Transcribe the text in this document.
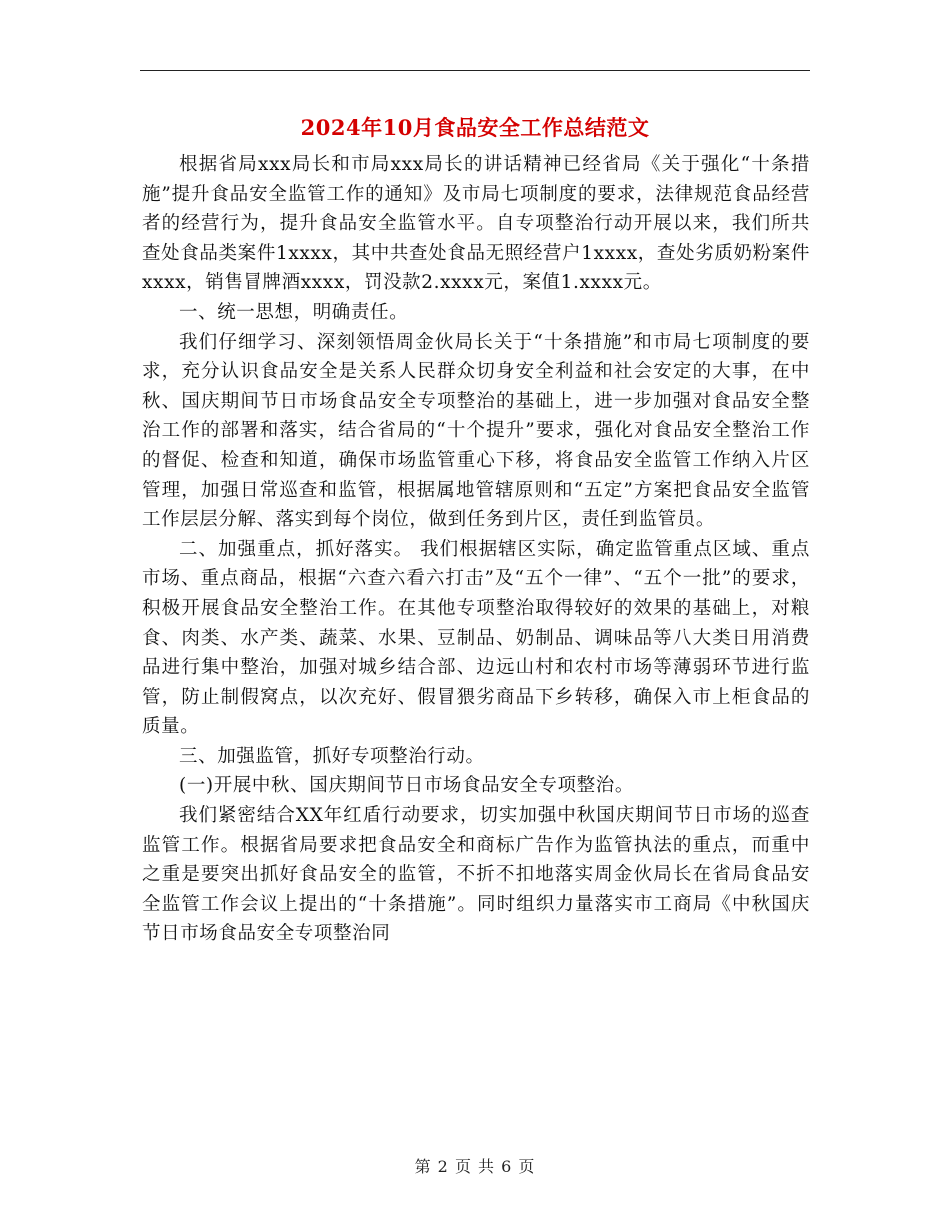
2024年10月食品安全工作总结范文

根据省局xxx局长和市局xxx局长的讲话精神已经省局《关于强化“十条措施”提升食品安全监管工作的通知》及市局七项制度的要求，法律规范食品经营者的经营行为，提升食品安全监管水平。自专项整治行动开展以来，我们所共查处食品类案件1xxxx，其中共查处食品无照经营户1xxxx，查处劣质奶粉案件xxxx，销售冒牌酒xxxx，罚没款2.xxxx元，案值1.xxxx元。

一、统一思想，明确责任。

我们仔细学习、深刻领悟周金伙局长关于“十条措施”和市局七项制度的要求，充分认识食品安全是关系人民群众切身安全利益和社会安定的大事，在中秋、国庆期间节日市场食品安全专项整治的基础上，进一步加强对食品安全整治工作的部署和落实，结合省局的“十个提升”要求，强化对食品安全整治工作的督促、检查和知道，确保市场监管重心下移，将食品安全监管工作纳入片区管理，加强日常巡查和监管，根据属地管辖原则和“五定”方案把食品安全监管工作层层分解、落实到每个岗位，做到任务到片区，责任到监管员。

二、加强重点，抓好落实。 我们根据辖区实际，确定监管重点区域、重点市场、重点商品，根据“六查六看六打击”及“五个一律”、“五个一批”的要求，积极开展食品安全整治工作。在其他专项整治取得较好的效果的基础上，对粮食、肉类、水产类、蔬菜、水果、豆制品、奶制品、调味品等八大类日用消费品进行集中整治，加强对城乡结合部、边远山村和农村市场等薄弱环节进行监管，防止制假窝点，以次充好、假冒猥劣商品下乡转移，确保入市上柜食品的质量。

三、加强监管，抓好专项整治行动。

(一)开展中秋、国庆期间节日市场食品安全专项整治。

我们紧密结合XX年红盾行动要求，切实加强中秋国庆期间节日市场的巡查监管工作。根据省局要求把食品安全和商标广告作为监管执法的重点，而重中之重是要突出抓好食品安全的监管，不折不扣地落实周金伙局长在省局食品安全监管工作会议上提出的“十条措施”。同时组织力量落实市工商局《中秋国庆节日市场食品安全专项整治同

第 2 页 共 6 页
